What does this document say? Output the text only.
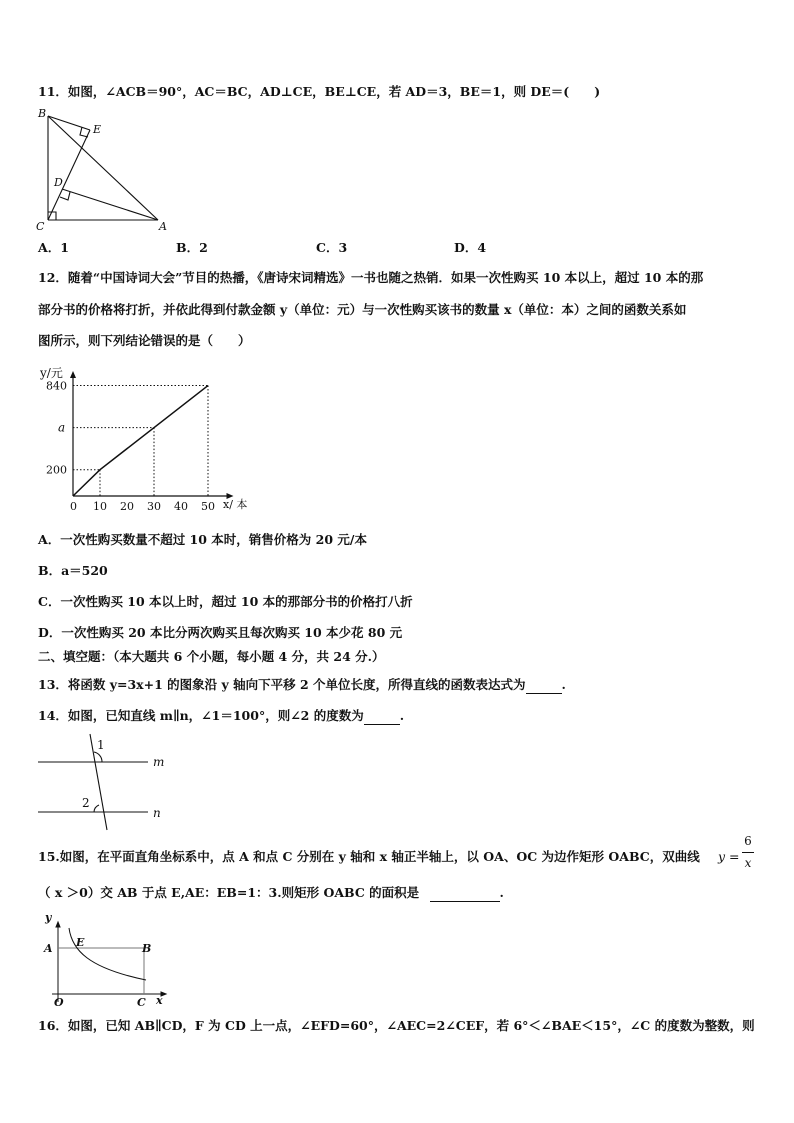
11．如图，∠ACB＝90°，AC＝BC，AD⊥CE，BE⊥CE，若 AD＝3，BE＝1，则 DE＝(　　)
B
E
D
C	A
A．1	B．2	C．3	D．4
12．随着“中国诗词大会”节目的热播，《唐诗宋词精选》一书也随之热销．如果一次性购买 10 本以上，超过 10 本的那
部分书的价格将打折，并依此得到付款金额 y（单位：元）与一次性购买该书的数量 x（单位：本）之间的函数关系如
图所示，则下列结论错误的是（　　）
y/元
x/ 本
0 10 20 30 40 50
200
a
840
A．一次性购买数量不超过 10 本时，销售价格为 20 元/本
B．a＝520
C．一次性购买 10 本以上时，超过 10 本的那部分书的价格打八折
D．一次性购买 20 本比分两次购买且每次购买 10 本少花 80 元
二、填空题：（本大题共 6 个小题，每小题 4 分，共 24 分.）
13．将函数 y=3x+1 的图象沿 y 轴向下平移 2 个单位长度，所得直线的函数表达式为	.
14．如图，已知直线 m∥n，∠1＝100°，则∠2 的度数为	.
1
2
m
n
15.如图，在平面直角坐标系中，点 A 和点 C 分别在 y 轴和 x 轴正半轴上，以 OA、OC 为边作矩形 OABC，双曲线 y =
6
x
（ x ＞0）交 AB 于点 E,AE：EB=1：3.则矩形 OABC 的面积是	.
y
A E	B
O	C x
16．如图，已知 AB∥CD，F 为 CD 上一点，∠EFD=60°，∠AEC=2∠CEF，若 6°＜∠BAE＜15°，∠C 的度数为整数，则
